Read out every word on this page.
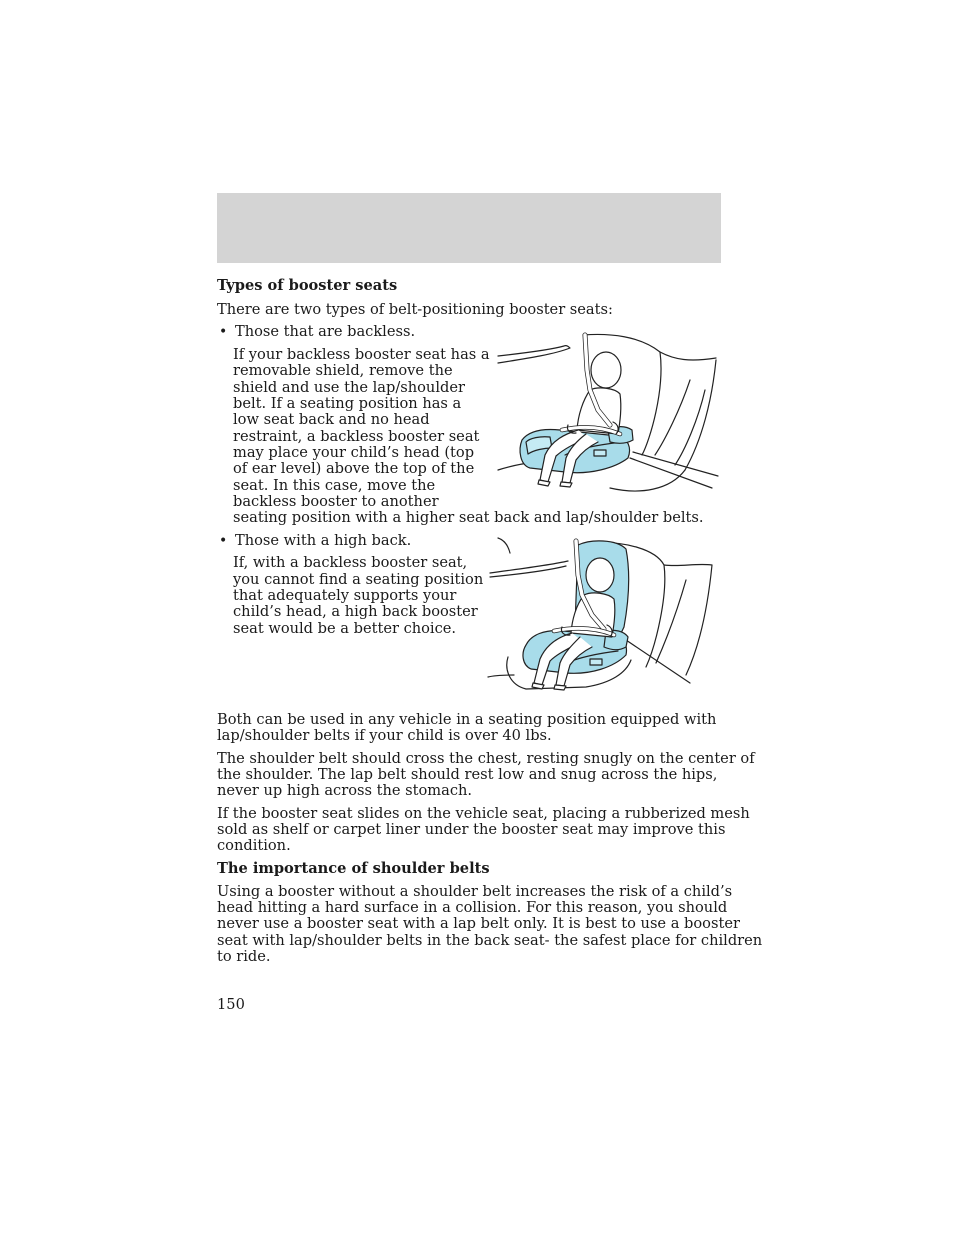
Types of booster seats

There are two types of belt-positioning booster seats:

• Those that are backless.

If your backless booster seat has a

removable shield, remove the

shield and use the lap/shoulder

belt. If a seating position has a

low seat back and no head

restraint, a backless booster seat

may place your child’s head (top

of ear level) above the top of the

seat. In this case, move the

backless booster to another

seating position with a higher seat back and lap/shoulder belts.

• Those with a high back.

If, with a backless booster seat,

you cannot find a seating position

that adequately supports your

child’s head, a high back booster

seat would be a better choice.

Both can be used in any vehicle in a seating position equipped with

lap/shoulder belts if your child is over 40 lbs.

The shoulder belt should cross the chest, resting snugly on the center of

the shoulder. The lap belt should rest low and snug across the hips,

never up high across the stomach.

If the booster seat slides on the vehicle seat, placing a rubberized mesh

sold as shelf or carpet liner under the booster seat may improve this

condition.

The importance of shoulder belts

Using a booster without a shoulder belt increases the risk of a child’s

head hitting a hard surface in a collision. For this reason, you should

never use a booster seat with a lap belt only. It is best to use a booster

seat with lap/shoulder belts in the back seat- the safest place for children

to ride.

150
